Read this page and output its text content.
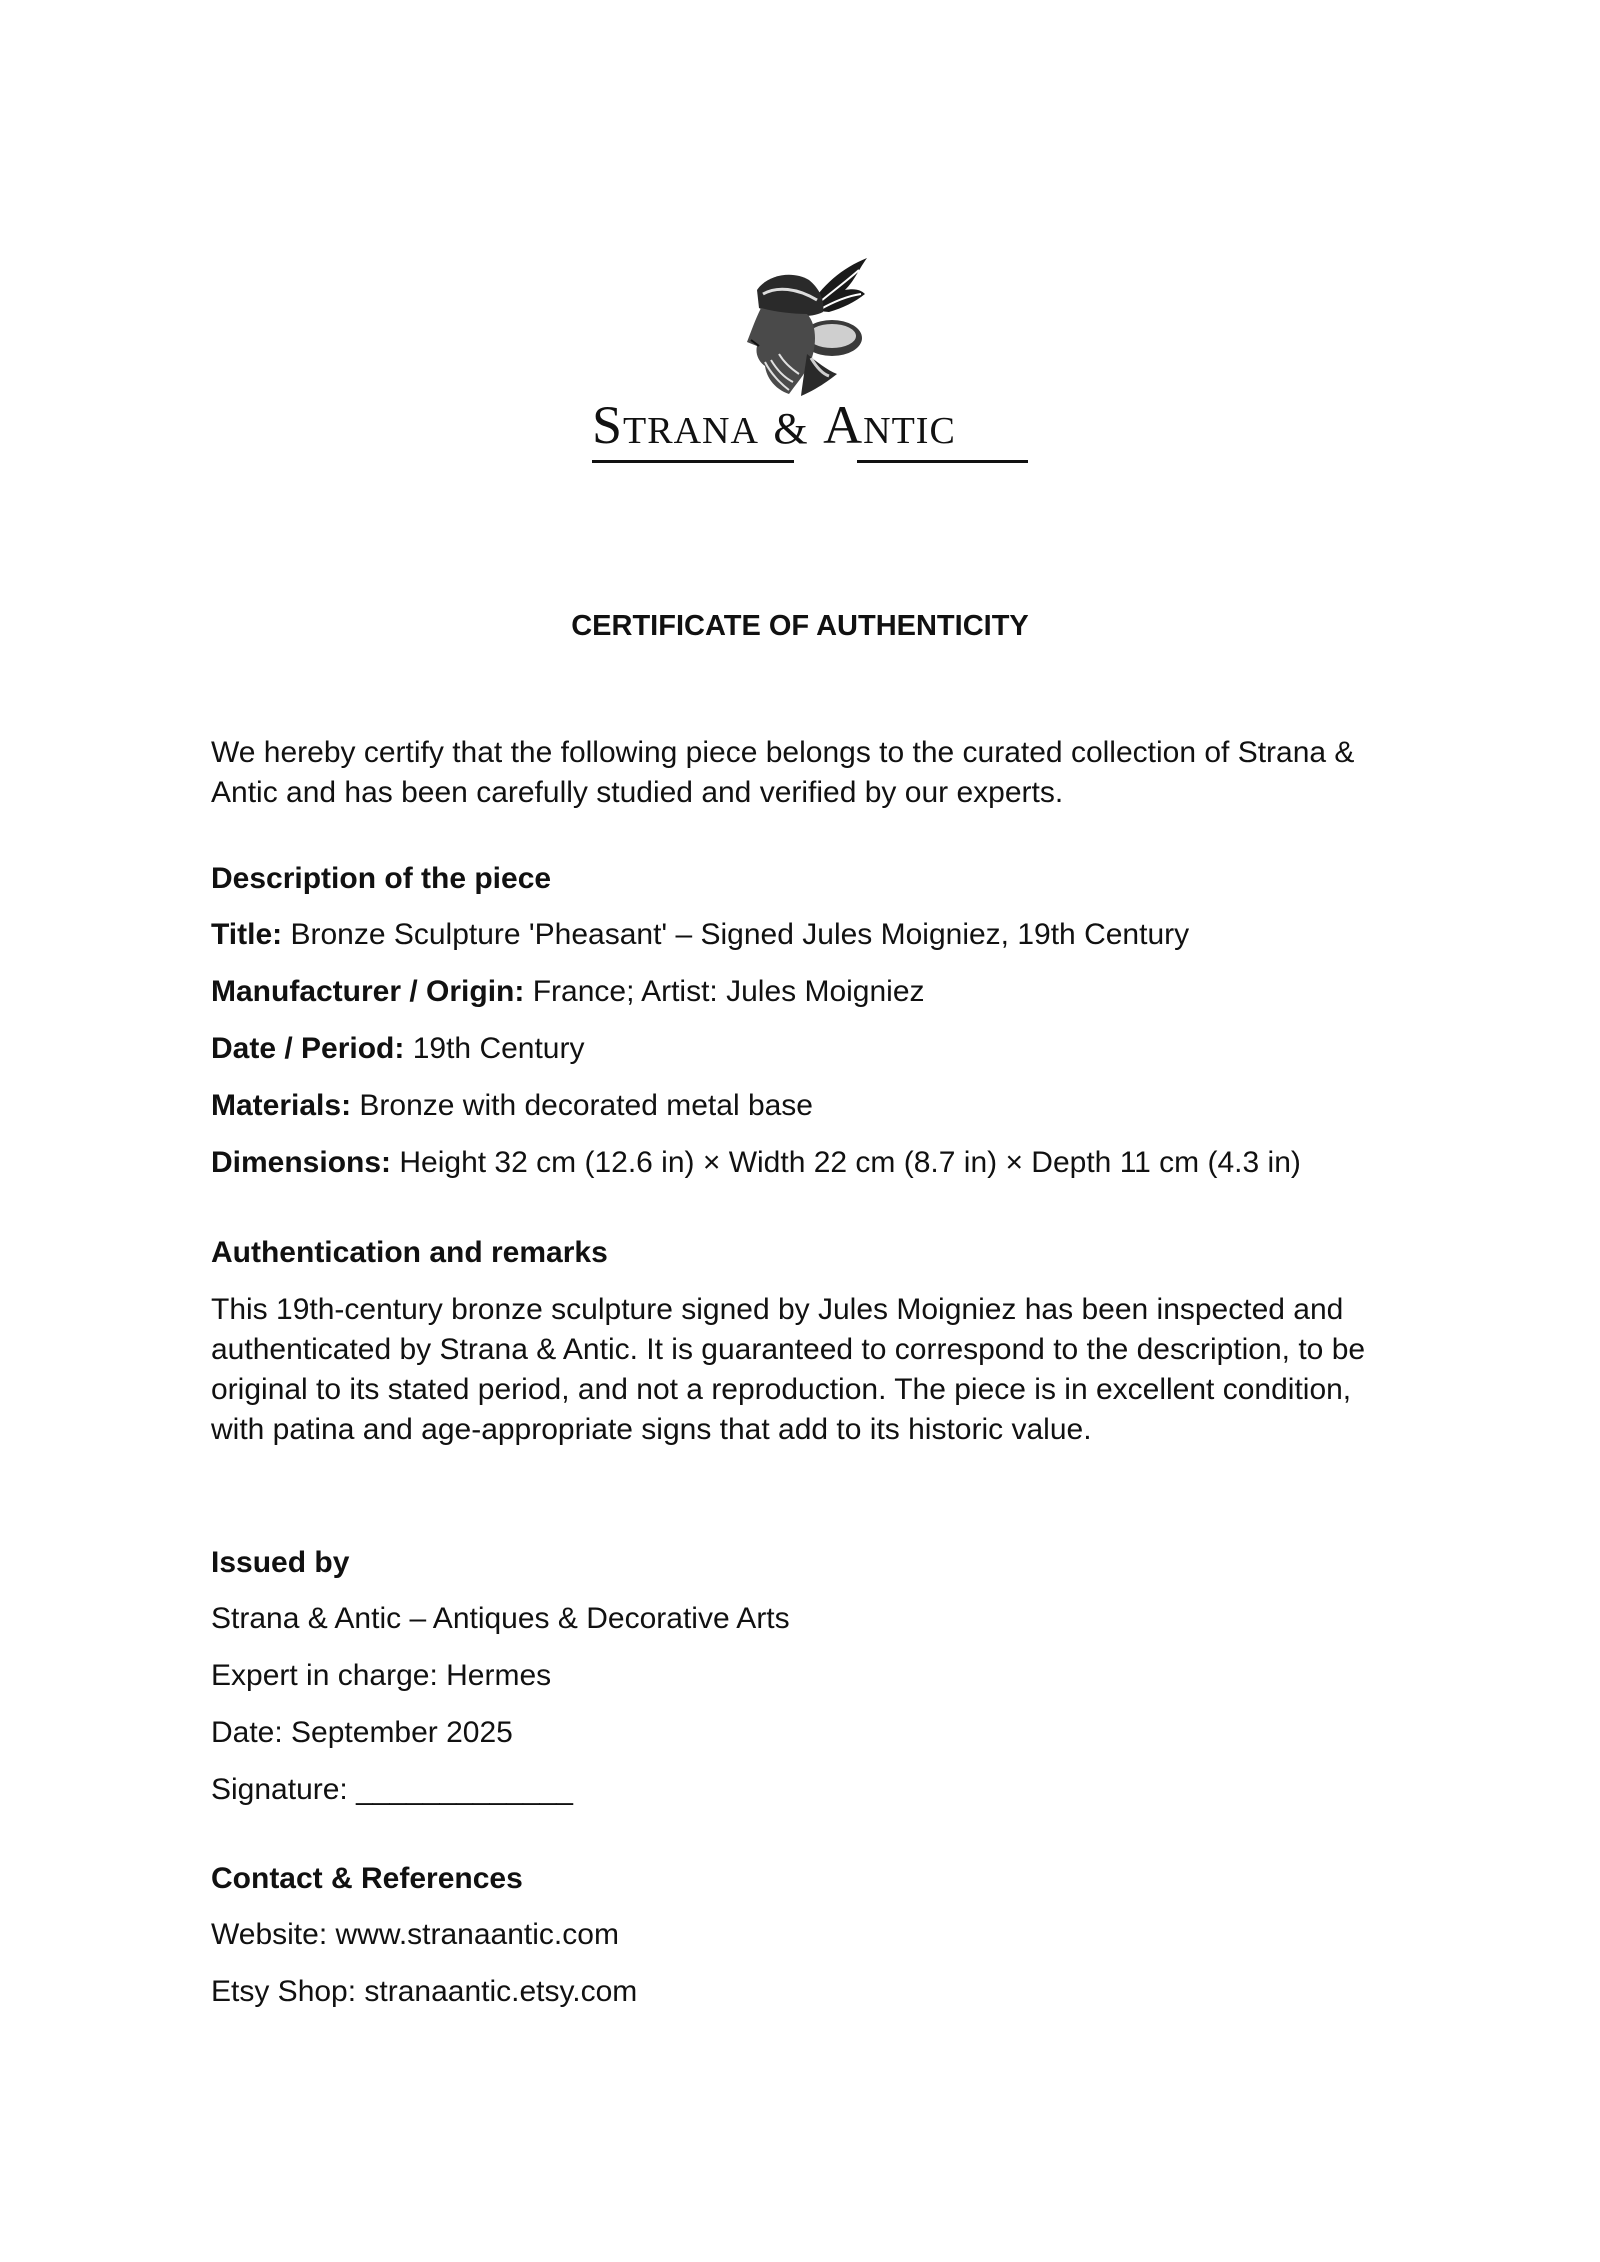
Strana & Antic
CERTIFICATE OF AUTHENTICITY
We hereby certify that the following piece belongs to the curated collection of Strana & Antic and has been carefully studied and verified by our experts.
Description of the piece
Title: Bronze Sculpture 'Pheasant' – Signed Jules Moigniez, 19th Century
Manufacturer / Origin: France; Artist: Jules Moigniez
Date / Period: 19th Century
Materials: Bronze with decorated metal base
Dimensions: Height 32 cm (12.6 in) × Width 22 cm (8.7 in) × Depth 11 cm (4.3 in)
Authentication and remarks
This 19th-century bronze sculpture signed by Jules Moigniez has been inspected and authenticated by Strana & Antic. It is guaranteed to correspond to the description, to be original to its stated period, and not a reproduction. The piece is in excellent condition, with patina and age-appropriate signs that add to its historic value.
Issued by
Strana & Antic – Antiques & Decorative Arts
Expert in charge: Hermes
Date: September 2025
Signature: _____________
Contact & References
Website: www.stranaantic.com
Etsy Shop: stranaantic.etsy.com
